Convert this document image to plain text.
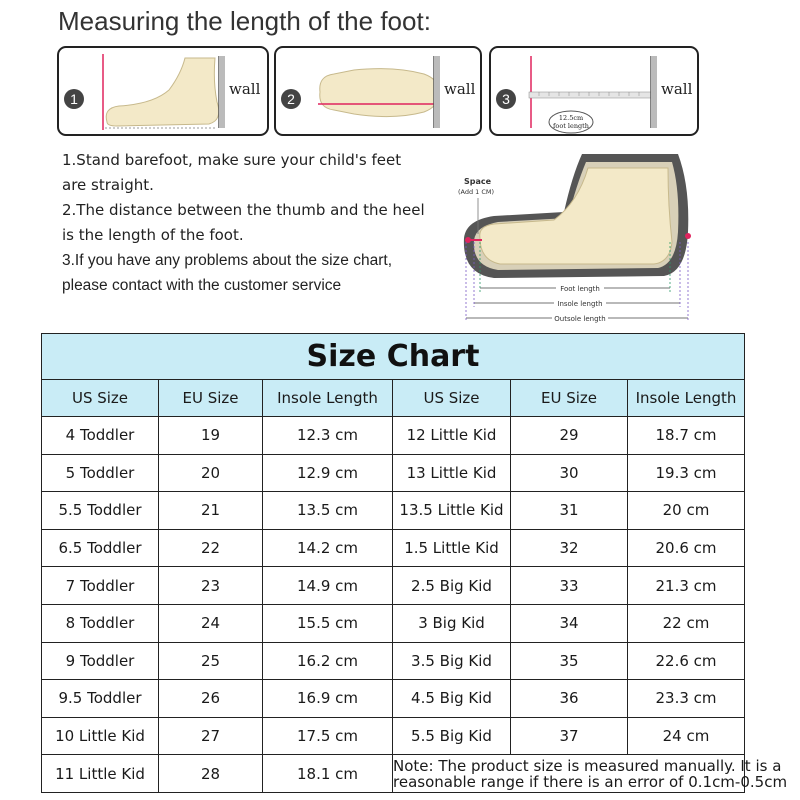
Measuring the length of the foot:
1
wall
2
wall
3
12.5cm
foot length
wall

1.Stand barefoot, make sure your child's feet

are straight.

2.The distance between the thumb and the heel

is the length of the foot.

3.If you have any problems about the size chart,

please contact with the customer service

Space
(Add 1 CM)
Foot length
Insole length
Outsole length
Size Chart					
US Size	EU Size	Insole Length	US Size	EU Size	Insole Length
4 Toddler	19	12.3 cm	12 Little Kid	29	18.7 cm
5 Toddler	20	12.9 cm	13 Little Kid	30	19.3 cm
5.5 Toddler	21	13.5 cm	13.5 Little Kid	31	20 cm
6.5 Toddler	22	14.2 cm	1.5 Little Kid	32	20.6 cm
7 Toddler	23	14.9 cm	2.5 Big Kid	33	21.3 cm
8 Toddler	24	15.5 cm	3 Big Kid	34	22 cm
9 Toddler	25	16.2 cm	3.5 Big Kid	35	22.6 cm
9.5 Toddler	26	16.9 cm	4.5 Big Kid	36	23.3 cm
10 Little Kid	27	17.5 cm	5.5 Big Kid	37	24 cm
11 Little Kid	28	18.1 cm	Note: The product size is measured manually. It is a
reasonable range if there is an error of 0.1cm-0.5cm		
